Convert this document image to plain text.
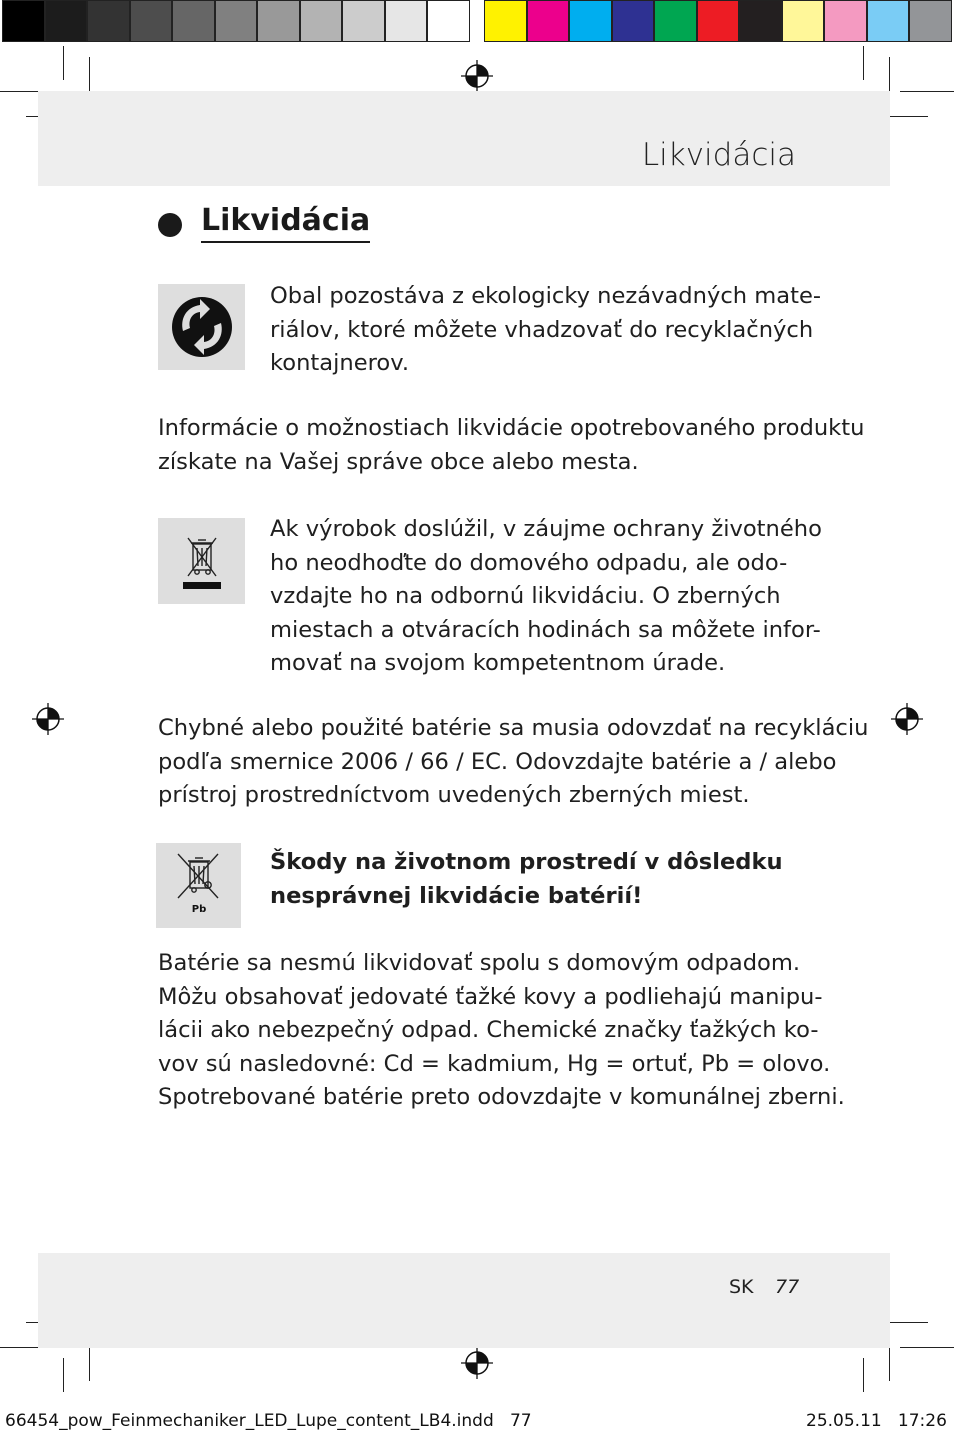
Likvidácia
Likvidácia
Obal pozostáva z ekologicky nezávadných mate-
riálov, ktoré môžete vhadzovať do recyklačných
kontajnerov.
Informácie o možnostiach likvidácie opotrebovaného produktu
získate na Vašej správe obce alebo mesta.
Ak výrobok doslúžil, v záujme ochrany životného
ho neodhoďte do domového odpadu, ale odo-
vzdajte ho na odbornú likvidáciu. O zberných
miestach a otváracích hodinách sa môžete infor-
movať na svojom kompetentnom úrade.
Chybné alebo použité batérie sa musia odovzdať na recykláciu
podľa smernice 2006 / 66 / EC. Odovzdajte batérie a / alebo
prístroj prostredníctvom uvedených zberných miest.
Pb
Škody na životnom prostredí v dôsledku
nesprávnej likvidácie batérií!
Batérie sa nesmú likvidovať spolu s domovým odpadom.
Môžu obsahovať jedovaté ťažké kovy a podliehajú manipu-
lácii ako nebezpečný odpad. Chemické značky ťažkých ko-
vov sú nasledovné: Cd = kadmium, Hg = ortuť, Pb = olovo.
Spotrebované batérie preto odovzdajte v komunálnej zberni.
SK 77
66454_pow_Feinmechaniker_LED_Lupe_content_LB4.indd   77	25.05.11   17:26
